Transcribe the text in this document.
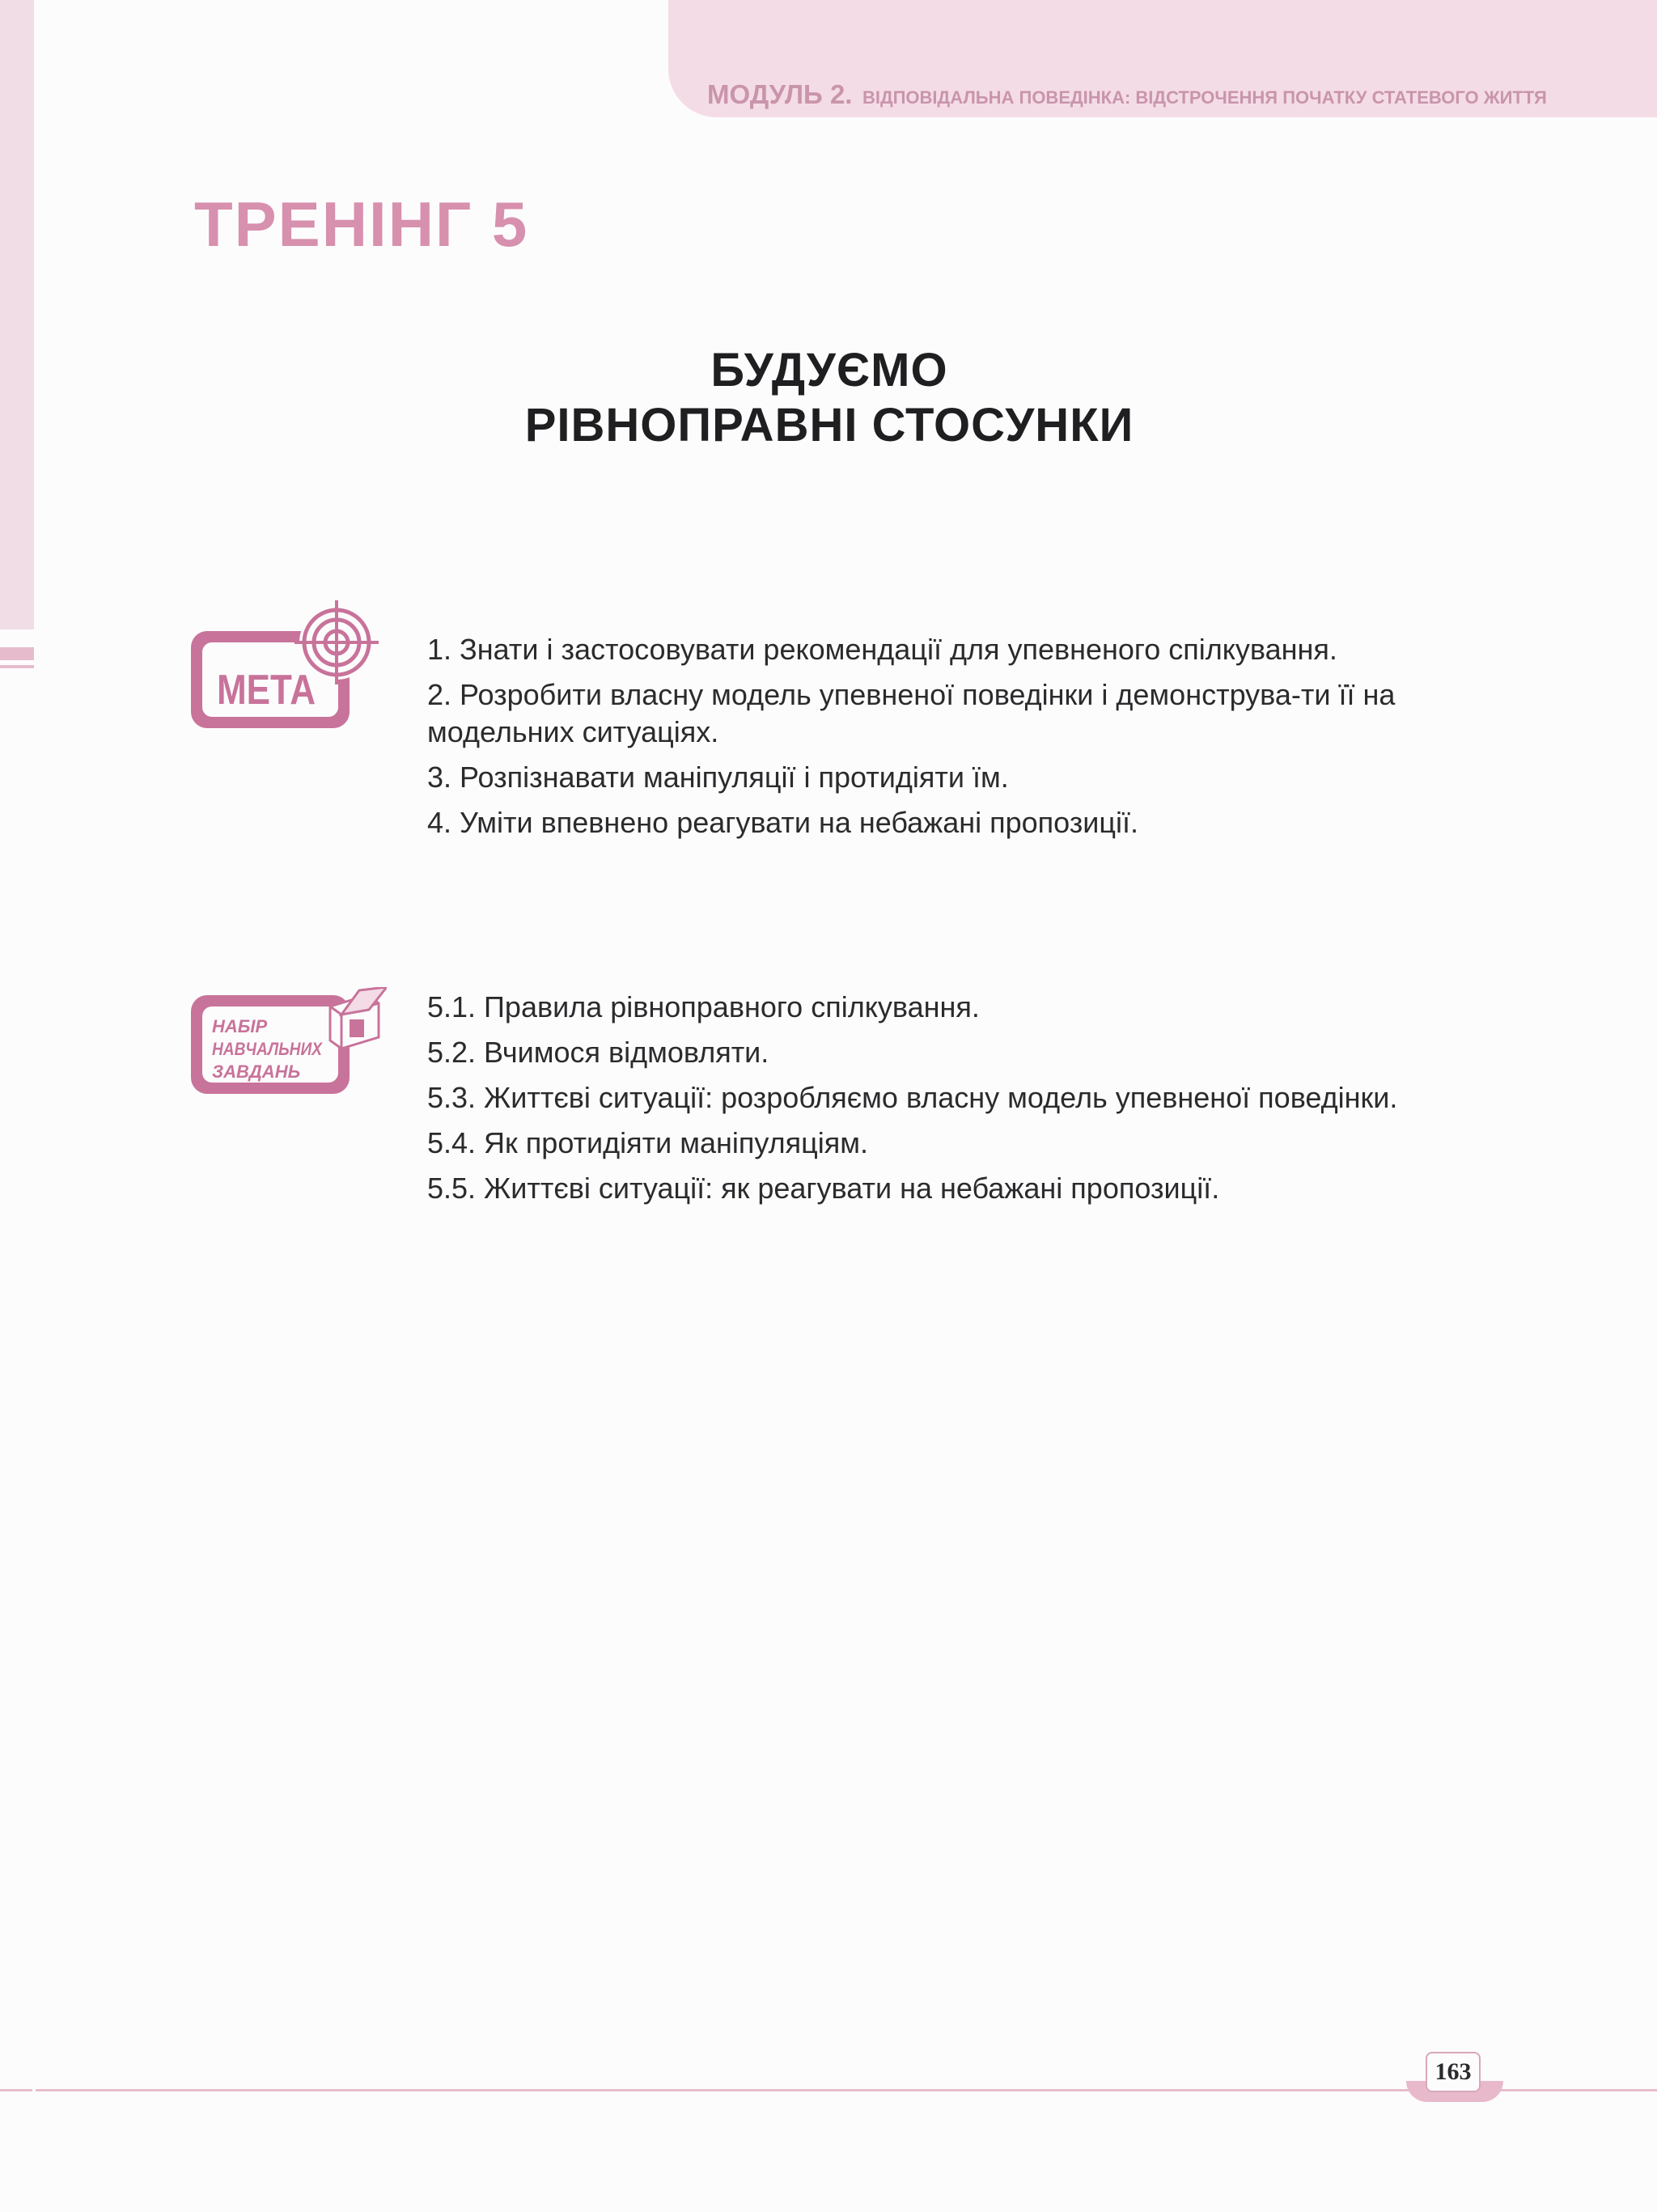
МОДУЛЬ 2. ВІДПОВІДАЛЬНА ПОВЕДІНКА: ВІДСТРОЧЕННЯ ПОЧАТКУ СТАТЕВОГО ЖИТТЯ
ТРЕНІНГ 5
БУДУЄМО
РІВНОПРАВНІ СТОСУНКИ
МЕТА
1. Знати і застосовувати рекомендації для упевненого спілкування.
2. Розробити власну модель упевненої поведінки і демонструва-ти її на модельних ситуаціях.
3. Розпізнавати маніпуляції і протидіяти їм.
4. Уміти впевнено реагувати на небажані пропозиції.
НАБІР
НАВЧАЛЬНИХ
ЗАВДАНЬ
5.1. Правила рівноправного спілкування.
5.2. Вчимося відмовляти.
5.3. Життєві ситуації: розробляємо власну модель упевненої поведінки.
5.4. Як протидіяти маніпуляціям.
5.5. Життєві ситуації: як реагувати на небажані пропозиції.
163
